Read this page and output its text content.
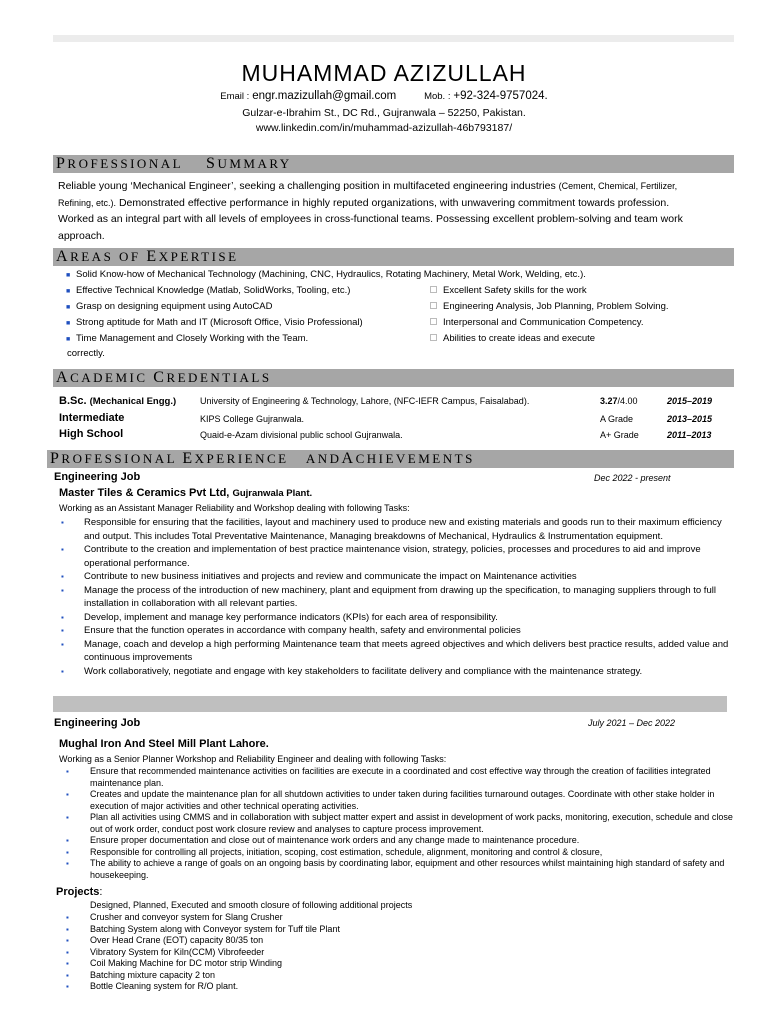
MUHAMMAD AZIZULLAH
Email : engr.mazizullah@gmail.com	Mob. : +92-324-9757024.
Gulzar-e-Ibrahim St., DC Rd., Gujranwala – 52250, Pakistan.
www.linkedin.com/in/muhammad-azizullah-46b793187/
PROFESSIONAL SUMMARY
Reliable young ‘Mechanical Engineer’, seeking a challenging position in multifaceted engineering industries (Cement, Chemical, Fertilizer,
Refining, etc.). Demonstrated effective performance in highly reputed organizations, with unwavering commitment towards profession.
Worked as an integral part with all levels of employees in cross-functional teams. Possessing excellent problem-solving and team work
approach.
AREAS OF EXPERTISE
■ Solid Know-how of Mechanical Technology (Machining, CNC, Hydraulics, Rotating Machinery, Metal Work, Welding, etc.).
■ Effective Technical Knowledge (Matlab, SolidWorks, Tooling, etc.)
■ Grasp on designing equipment using AutoCAD
■ Strong aptitude for Math and IT (Microsoft Office, Visio Professional)
■ Time Management and Closely Working with the Team.
correctly.
Excellent Safety skills for the work
Engineering Analysis, Job Planning, Problem Solving.
Interpersonal and Communication Competency.
Abilities to create ideas and execute
ACADEMIC CREDENTIALS
B.Sc. (Mechanical Engg.)	University of Engineering & Technology, Lahore, (NFC-IEFR Campus, Faisalabad).	3.27/4.00	2015–2019
Intermediate	KIPS College Gujranwala.	A Grade	2013–2015
High School	Quaid-e-Azam divisional public school Gujranwala.	A+ Grade	2011–2013
PROFESSIONAL EXPERIENCE ANDACHIEVEMENTS
Engineering Job	Dec 2022 - present
Master Tiles & Ceramics Pvt Ltd, Gujranwala Plant.
Working as an Assistant Manager Reliability and Workshop dealing with following Tasks:
▪ Responsible for ensuring that the facilities, layout and machinery used to produce new and existing materials and goods run to their maximum efficiency and output. This includes Total Preventative Maintenance, Managing breakdowns of Mechanical, Hydraulics & Instrumentation equipment.
▪ Contribute to the creation and implementation of best practice maintenance vision, strategy, policies, processes and procedures to aid and improve operational performance.
▪ Contribute to new business initiatives and projects and review and communicate the impact on Maintenance activities
▪ Manage the process of the introduction of new machinery, plant and equipment from drawing up the specification, to managing suppliers through to full installation in collaboration with all relevant parties.
▪ Develop, implement and manage key performance indicators (KPIs) for each area of responsibility.
▪ Ensure that the function operates in accordance with company health, safety and environmental policies
▪ Manage, coach and develop a high performing Maintenance team that meets agreed objectives and which delivers best practice results, added value and continuous improvements
▪ Work collaboratively, negotiate and engage with key stakeholders to facilitate delivery and compliance with the maintenance strategy.
Engineering Job	July 2021 – Dec 2022
Mughal Iron And Steel Mill Plant Lahore.
Working as a Senior Planner Workshop and Reliability Engineer and dealing with following Tasks:
▪ Ensure that recommended maintenance activities on facilities are execute in a coordinated and cost effective way through the creation of facilities integrated maintenance plan.
▪ Creates and update the maintenance plan for all shutdown activities to under taken during facilities turnaround outages. Coordinate with other stake holder in execution of major activities and other technical operating activities.
▪ Plan all activities using CMMS and in collaboration with subject matter expert and assist in development of work packs, monitoring, execution, schedule and close out of work order, conduct post work closure review and analyses to capture process improvement.
▪ Ensure proper documentation and close out of maintenance work orders and any change made to maintenance procedure.
▪ Responsible for controlling all projects, initiation, scoping, cost estimation, schedule, alignment, monitoring and control & closure,
▪ The ability to achieve a range of goals on an ongoing basis by coordinating labor, equipment and other resources whilst maintaining high standard of safety and housekeeping.
Projects:
Designed, Planned, Executed and smooth closure of following additional projects
▪ Crusher and conveyor system for Slang Crusher
▪ Batching System along with Conveyor system for Tuff tile Plant
▪ Over Head Crane (EOT) capacity 80/35 ton
▪ Vibratory System for Kiln(CCM) Vibrofeeder
▪ Coil Making Machine for DC motor strip Winding
▪ Batching mixture capacity 2 ton
▪ Bottle Cleaning system for R/O plant.
